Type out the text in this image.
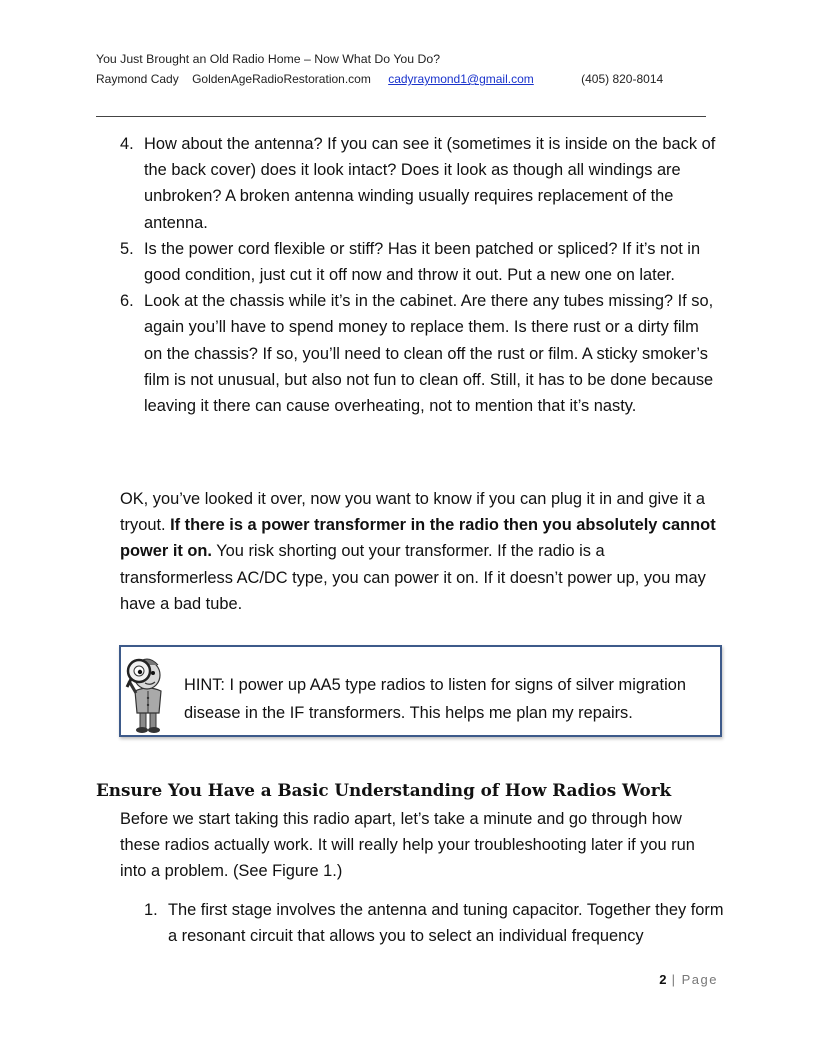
You Just Brought an Old Radio Home – Now What Do You Do?
Raymond Cady GoldenAgeRadioRestoration.com cadyraymond1@gmail.com	(405) 820-8014
4. How about the antenna? If you can see it (sometimes it is inside on the back of the back cover) does it look intact? Does it look as though all windings are unbroken? A broken antenna winding usually requires replacement of the antenna.
5. Is the power cord flexible or stiff? Has it been patched or spliced? If it’s not in good condition, just cut it off now and throw it out. Put a new one on later.
6. Look at the chassis while it’s in the cabinet. Are there any tubes missing? If so, again you’ll have to spend money to replace them. Is there rust or a dirty film on the chassis? If so, you’ll need to clean off the rust or film. A sticky smoker’s film is not unusual, but also not fun to clean off. Still, it has to be done because leaving it there can cause overheating, not to mention that it’s nasty.

OK, you’ve looked it over, now you want to know if you can plug it in and give it a tryout. If there is a power transformer in the radio then you absolutely cannot power it on. You risk shorting out your transformer. If the radio is a transformerless AC/DC type, you can power it on. If it doesn’t power up, you may have a bad tube.

HINT: I power up AA5 type radios to listen for signs of silver migration disease in the IF transformers. This helps me plan my repairs.
Ensure You Have a Basic Understanding of How Radios Work

Before we start taking this radio apart, let’s take a minute and go through how these radios actually work. It will really help your troubleshooting later if you run into a problem. (See Figure 1.)

1. The first stage involves the antenna and tuning capacitor. Together they form a resonant circuit that allows you to select an individual frequency
2 | Page
